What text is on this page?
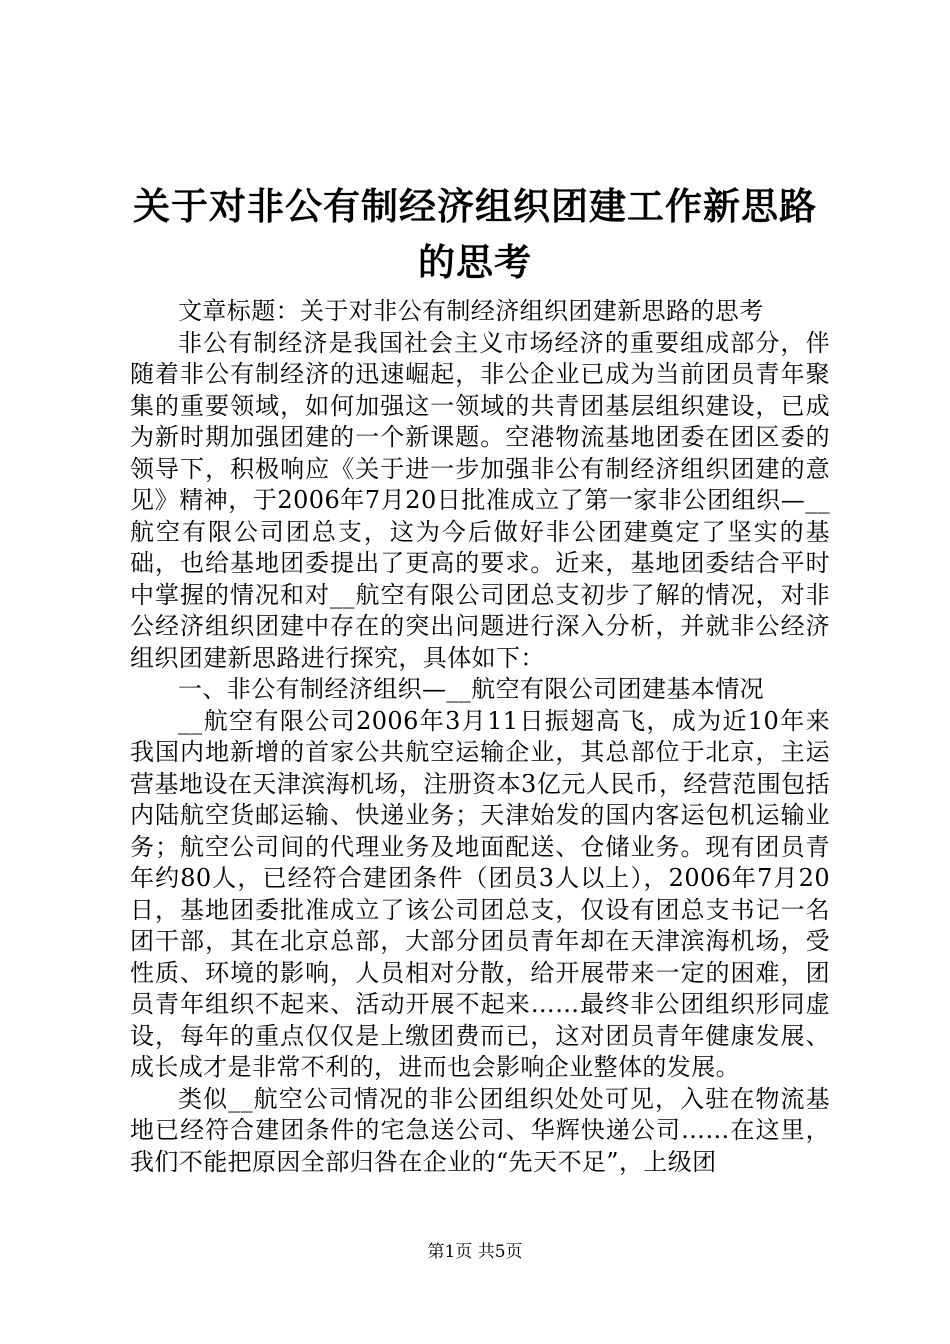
关于对非公有制经济组织团建工作新思路的思考

文章标题：关于对非公有制经济组织团建新思路的思考

非公有制经济是我国社会主义市场经济的重要组成部分，伴随着非公有制经济的迅速崛起，非公企业已成为当前团员青年聚集的重要领域，如何加强这一领域的共青团基层组织建设，已成为新时期加强团建的一个新课题。空港物流基地团委在团区委的领导下，积极响应《关于进一步加强非公有制经济组织团建的意见》精神，于2006年7月20日批准成立了第一家非公团组织—__航空有限公司团总支，这为今后做好非公团建奠定了坚实的基础，也给基地团委提出了更高的要求。近来，基地团委结合平时中掌握的情况和对__航空有限公司团总支初步了解的情况，对非公经济组织团建中存在的突出问题进行深入分析，并就非公经济组织团建新思路进行探究，具体如下：

一、非公有制经济组织—__航空有限公司团建基本情况

__航空有限公司2006年3月11日振翅高飞，成为近10年来我国内地新增的首家公共航空运输企业，其总部位于北京，主运营基地设在天津滨海机场，注册资本3亿元人民币，经营范围包括内陆航空货邮运输、快递业务；天津始发的国内客运包机运输业务；航空公司间的代理业务及地面配送、仓储业务。现有团员青年约80人，已经符合建团条件（团员3人以上），2006年7月20日，基地团委批准成立了该公司团总支，仅设有团总支书记一名团干部，其在北京总部，大部分团员青年却在天津滨海机场，受性质、环境的影响，人员相对分散，给开展带来一定的困难，团员青年组织不起来、活动开展不起来……最终非公团组织形同虚设，每年的重点仅仅是上缴团费而已，这对团员青年健康发展、成长成才是非常不利的，进而也会影响企业整体的发展。

类似__航空公司情况的非公团组织处处可见，入驻在物流基地已经符合建团条件的宅急送公司、华辉快递公司……在这里，我们不能把原因全部归咎在企业的“先天不足”，上级团

第1页 共5页
